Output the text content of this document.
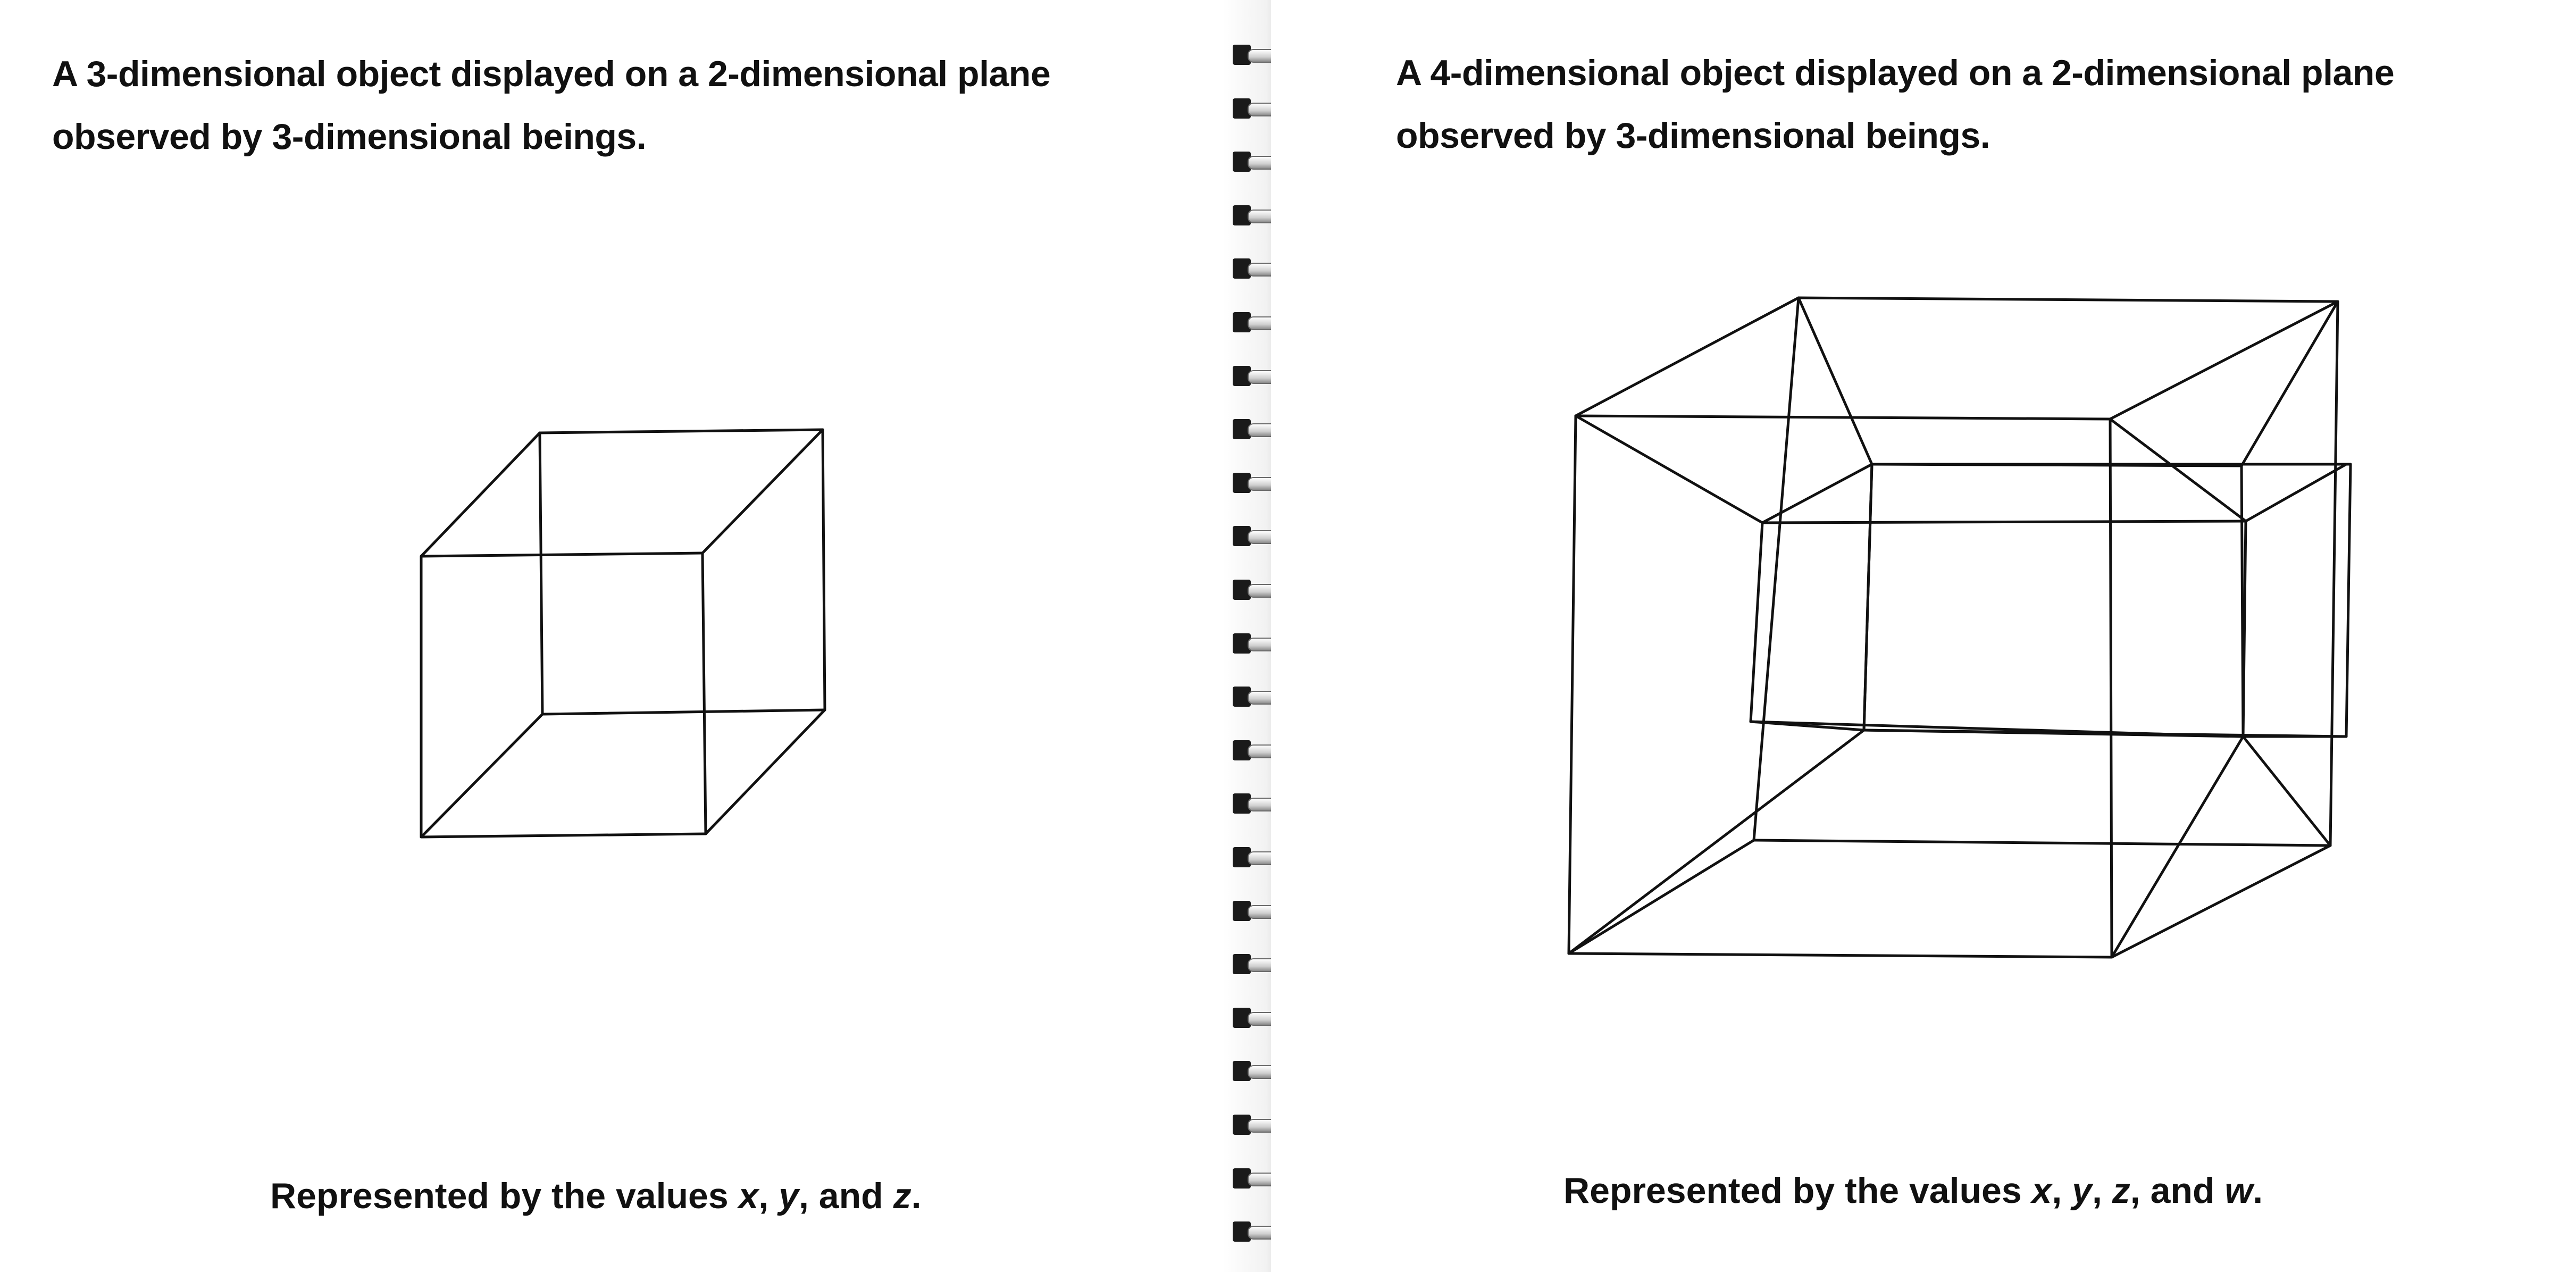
A 3-dimensional object displayed on a 2-dimensional plane
observed by 3-dimensional beings.

Represented by the values x, y, and z.

A 4-dimensional object displayed on a 2-dimensional plane
observed by 3-dimensional beings.

Represented by the values x, y, z, and w.
